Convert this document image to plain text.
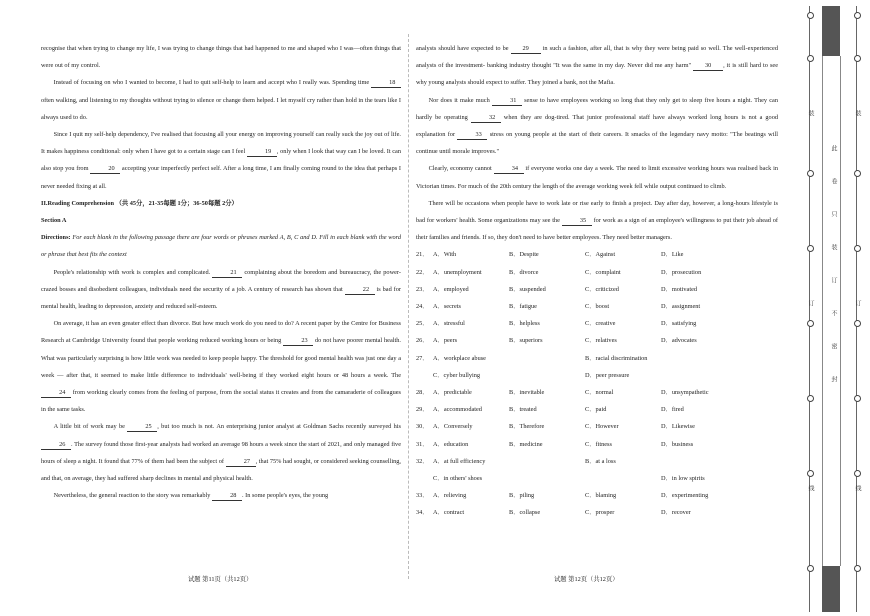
recognise that when trying to change my life, I was trying to change things that had happened to me and shaped who I was—often things that were out of my control.

Instead of focusing on who I wanted to become, I had to quit self-help to learn and accept who I really was. Spending time	18 often walking, and listening to my thoughts without trying to silence or change them helped. I let myself cry rather than hold in the tears like I always used to do.

Since I quit my self-help dependency, I've realised that focusing all your energy on improving yourself can really suck the joy out of life. It makes happiness conditional: only when I have got to a certain stage can I feel	19 , only when I look that way can I be loved. It can also stop you from	20 accepting your imperfectly perfect self. After a long time, I am finally coming round to the idea that perhaps I never needed fixing at all.

II.Reading Comprehension （共 45分，21-35每题 1分；36-50每题 2分）

Section A

Directions: For each blank in the following passage there are four words or phrases marked A, B, C and D. Fill in each blank with the word or phrase that best fits the context

People's relationship with work is complex and complicated.	21 complaining about the boredom and bureaucracy, the power-crazed bosses and disobedient colleagues, individuals need the security of a job. A century of research has shown that	22 is bad for mental health, leading to depression, anxiety and reduced self-esteem.

On average, it has an even greater effect than divorce. But how much work do you need to do? A recent paper by the Centre for Business Research at Cambridge University found that people working reduced working hours or being	23 do not have poorer mental health. What was particularly surprising is how little work was needed to keep people happy. The threshold for good mental health was just one day a week — after that, it seemed to make little difference to individuals' well-being if they worked eight hours or 48 hours a week. The 24 from working clearly comes from the feeling of purpose, from the social status it creates and from the camaraderie of colleagues in the same tasks.

A little bit of work may be	25 , but too much is not. An enterprising junior analyst at Goldman Sachs recently surveyed his 26 . The survey found those first-year analysts had worked an average 98 hours a week since the start of 2021, and only managed five hours of sleep a night. It found that 77% of them had been the subject of	27 , that 75% had sought, or considered seeking counselling, and that, on average, they had suffered sharp declines in mental and physical health.

Nevertheless, the general reaction to the story was remarkably	28 . In some people's eyes, the young

试题 第11页（共12页）

analysts should have expected to be 29 in such a fashion, after all, that is why they were being paid so well. The well-experienced analysts of the investment- banking industry thought "It was the same in my day. Never did me any harm" 30 , it is still hard to see why young analysts should expect to suffer. They joined a bank, not the Mafia.

Nor does it make much	31 sense to have employees working so long that they only get to sleep five hours a night. They can hardly be operating	32 when they are dog-tired. That junior professional staff have always worked long hours is not a good explanation for	33 stress on young people at the start of their careers. It smacks of the legendary navy motto: "The beatings will continue until morale improves."

Clearly, economy cannot	34 if everyone works one day a week. The need to limit excessive working hours was realised back in Victorian times. For much of the 20th century the length of the average working week fell while output continued to climb.

There will be occasions when people have to work late or rise early to finish a project. Day after day, however, a long-hours lifestyle is bad for workers' health. Some organizations may see the	35 for work as a sign of an employee's willingness to put their job ahead of their families and friends. If so, they don't need to have better employees. They need better managers.

21． A．With	B．Despite	C．Against	D．Like
22． A．unemployment	B．divorce	C．complaint	D．prosecution
23． A．employed	B．suspended	C．criticized	D．motivated
24． A．secrets	B．fatigue	C．boost	D．assignment
25． A．stressful	B．helpless	C．creative	D．satisfying
26． A．peers	B．superiors	C．relatives	D．advocates
27． A．workplace abuse	B．racial discrimination
C．cyber bullying	D．peer pressure
28． A．predictable	B．inevitable	C．normal	D．unsympathetic
29． A．accommodated	B．treated	C．paid	D．fired
30． A．Conversely	B．Therefore	C．However	D．Likewise
31． A．education	B．medicine	C．fitness	D．business
32． A．at full efficiency	B．at a loss
C．in others' shoes	D．in low spirits
33． A．relieving	B．piling	C．blaming	D．experimenting
34． A．contract	B．collapse	C．prosper	D．recover
试题 第12页（共12页）
装
订
线
装
订
线
此
卷
只
装
订
不
密
封
